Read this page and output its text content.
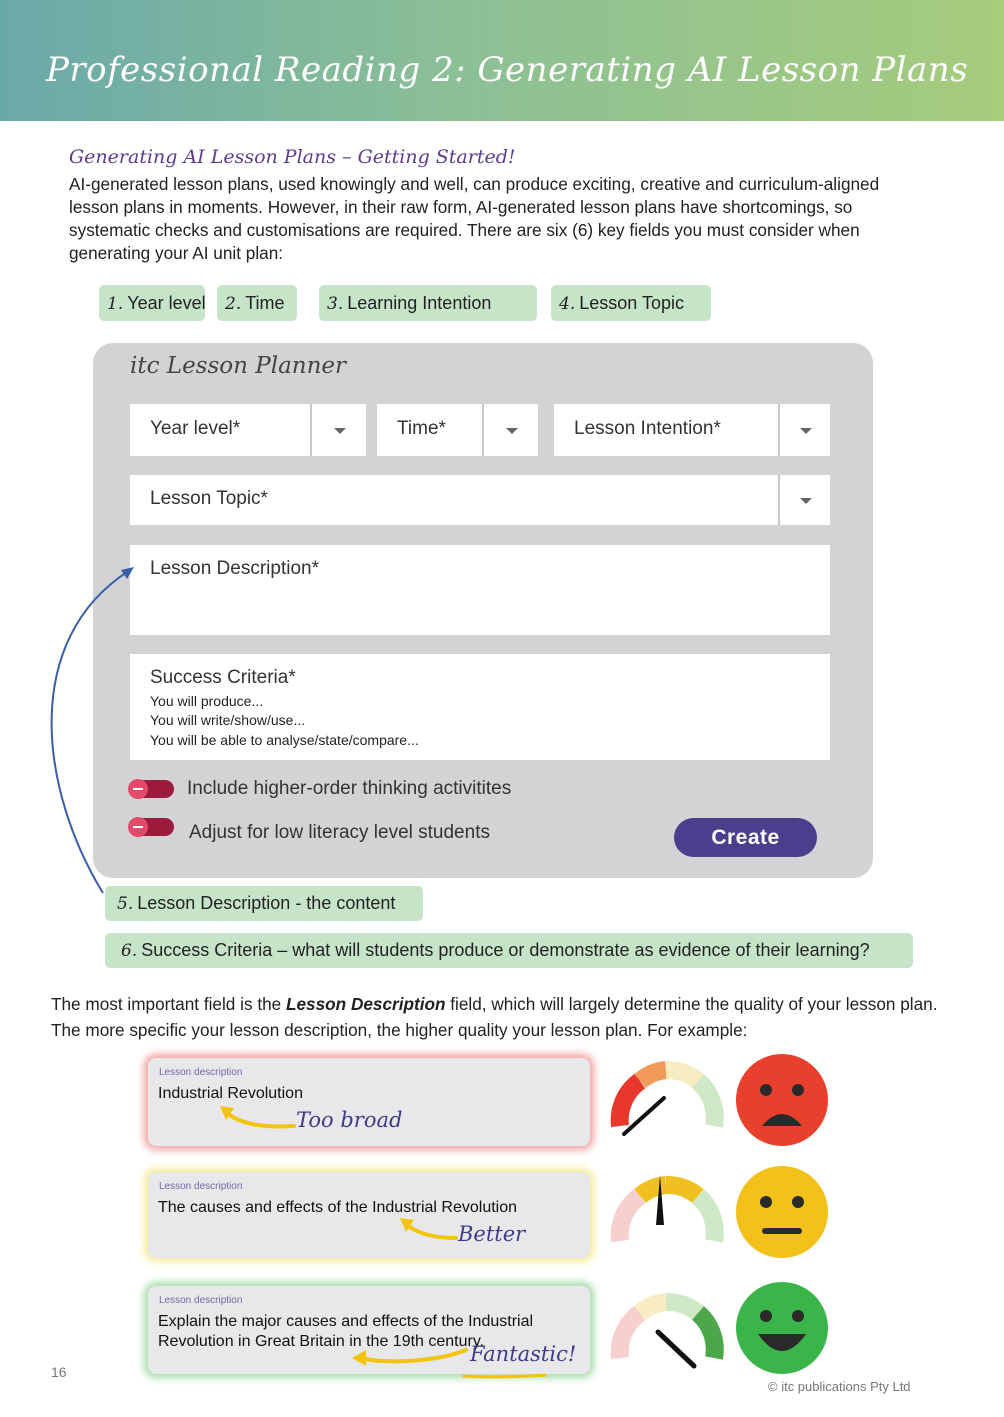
Professional Reading 2: Generating AI Lesson Plans
Generating AI Lesson Plans – Getting Started!
AI-generated lesson plans, used knowingly and well, can produce exciting, creative and curriculum-aligned lesson plans in moments. However, in their raw form, AI-generated lesson plans have shortcomings, so systematic checks and customisations are required. There are six (6) key fields you must consider when generating your AI unit plan:
1. Year level	2. Time	3. Learning Intention	4. Lesson Topic
itc Lesson Planner
Year level*	Time*	Lesson Intention*
Lesson Topic*
Lesson Description*
Success Criteria*
You will produce...
You will write/show/use...
You will be able to analyse/state/compare...
Include higher-order thinking activitites
Adjust for low literacy level students	Create
5. Lesson Description - the content
6. Success Criteria – what will students produce or demonstrate as evidence of their learning?
The most important field is the Lesson Description field, which will largely determine the quality of your lesson plan. The more specific your lesson description, the higher quality your lesson plan. For example:
Lesson description
Industrial Revolution
Too broad
Lesson description
The causes and effects of the Industrial Revolution
Better
Lesson description
Explain the major causes and effects of the Industrial Revolution in Great Britain in the 19th century.
Fantastic!
16
© itc publications Pty Ltd
